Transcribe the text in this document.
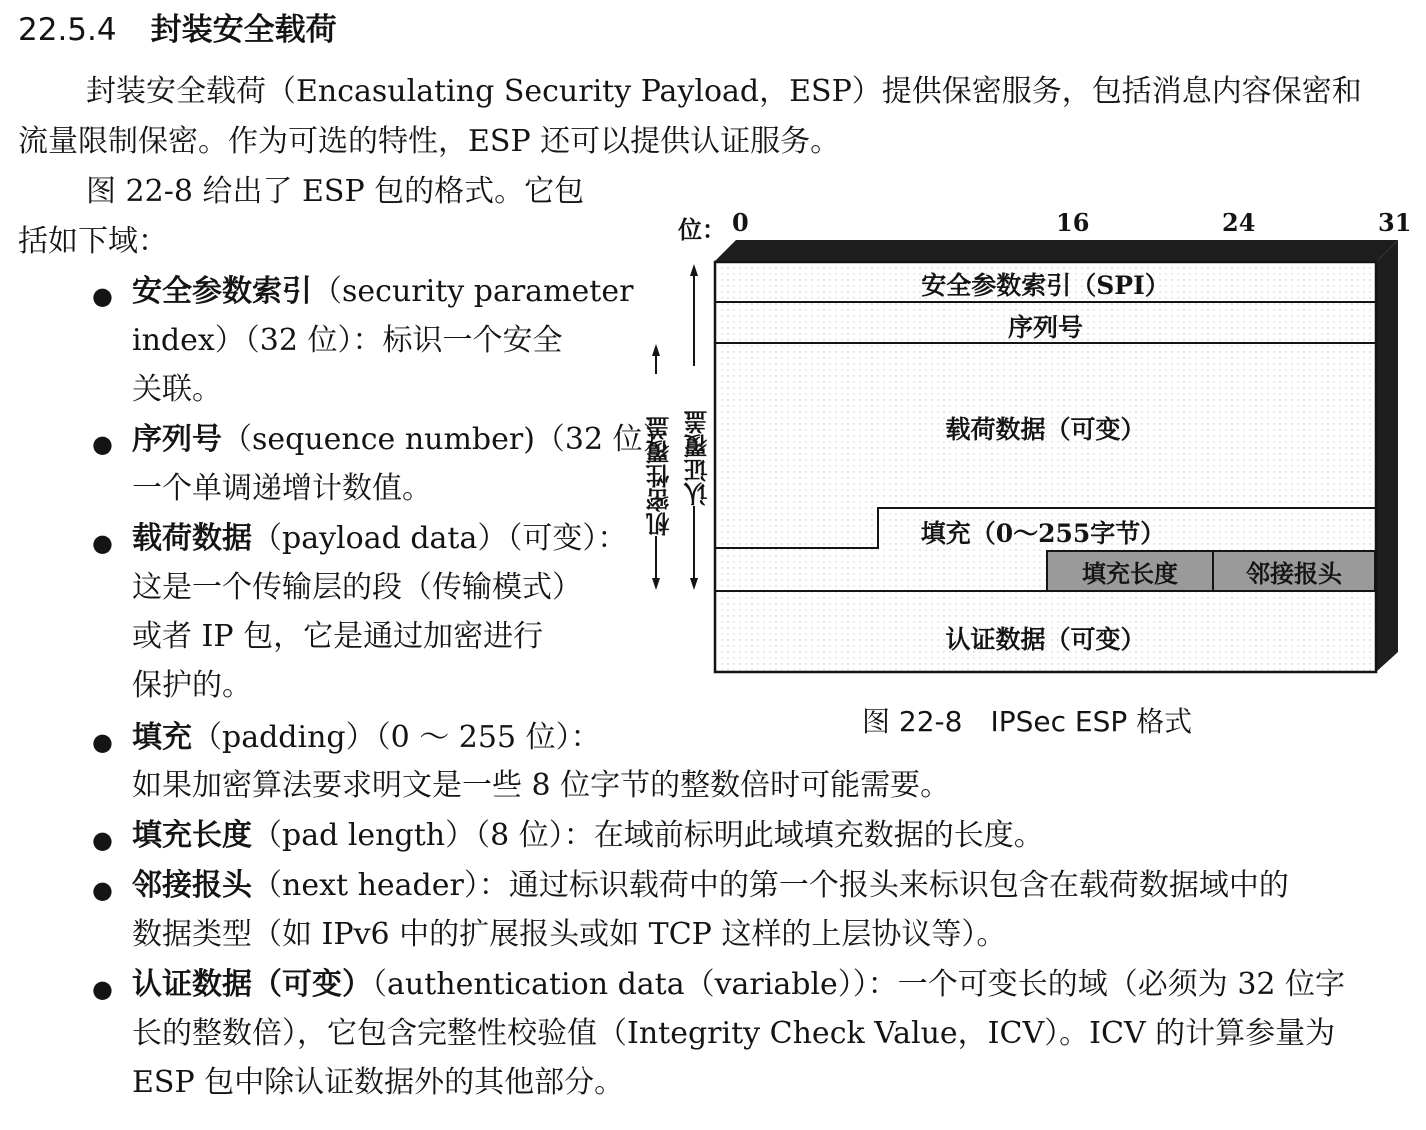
22.5.4 封装安全载荷
封装安全载荷（Encasulating Security Payload，ESP）提供保密服务，包括消息内容保密和
流量限制保密。作为可选的特性，ESP 还可以提供认证服务。
图 22-8 给出了 ESP 包的格式。它包
括如下域：
● 安全参数索引（security parameter
index）（32 位）：标识一个安全
关联。
● 序列号（sequence number)（32 位）：
一个单调递增计数值。
● 载荷数据（payload data）（可变）：
这是一个传输层的段（传输模式）
或者 IP 包，它是通过加密进行
保护的。
● 填充（padding）（0 ～ 255 位）：
如果加密算法要求明文是一些 8 位字节的整数倍时可能需要。
● 填充长度（pad length）（8 位）：在域前标明此域填充数据的长度。
● 邻接报头（next header）：通过标识载荷中的第一个报头来标识包含在载荷数据域中的
数据类型（如 IPv6 中的扩展报头或如 TCP 这样的上层协议等）。
● 认证数据（可变）（authentication data（variable））：一个可变长的域（必须为 32 位字
长的整数倍），它包含完整性校验值（Integrity Check Value，ICV）。ICV 的计算参量为
ESP 包中除认证数据外的其他部分。
位： 0	16	24	31
机密性覆盖 认证覆盖
安全参数索引（SPI）
序列号
载荷数据（可变）
填充（0～255字节）
认证数据（可变）
填充长度	邻接报头
图 22-8　IPSec ESP 格式
